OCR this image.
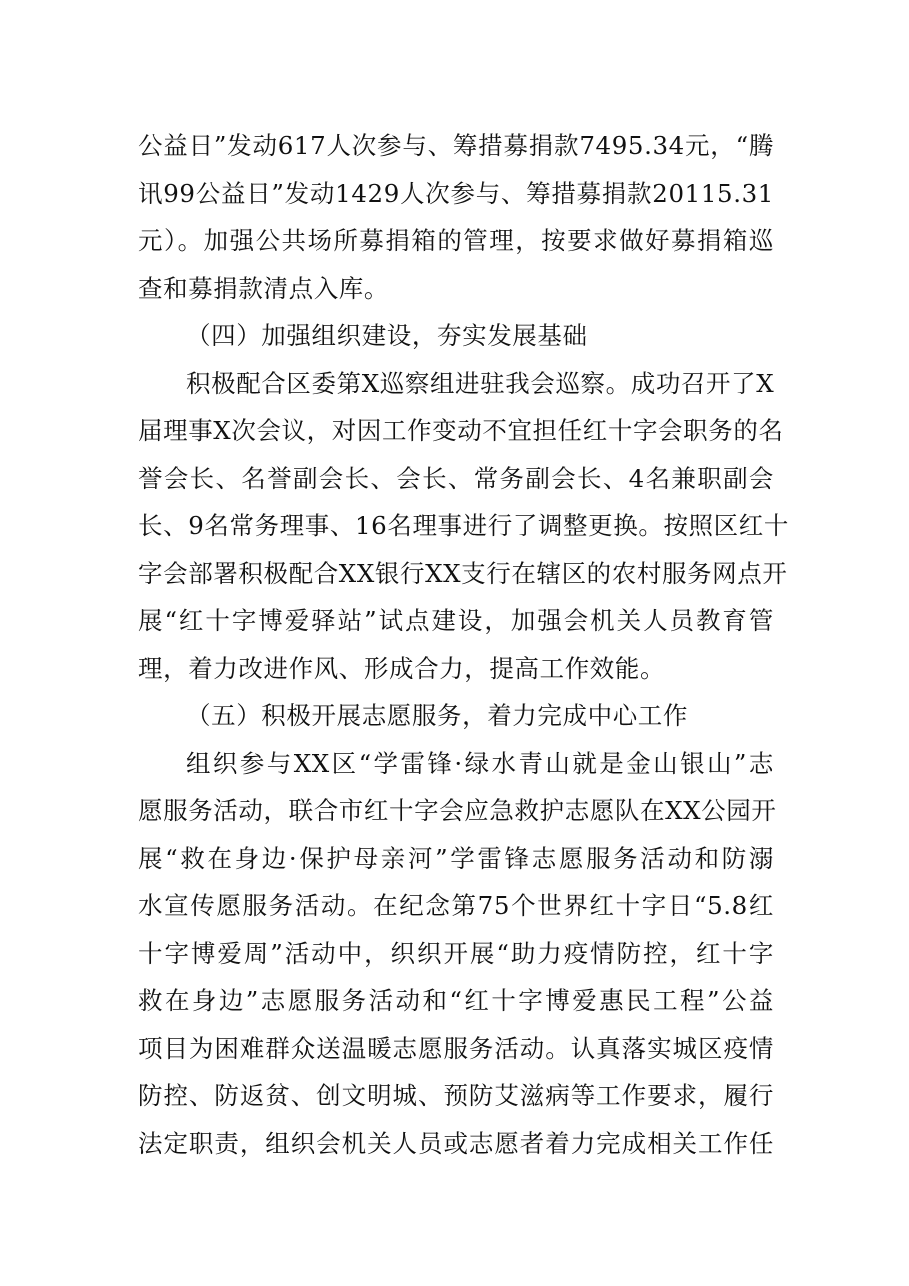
公益日”发动617人次参与、筹措募捐款7495.34元，“腾
讯99公益日”发动1429人次参与、筹措募捐款20115.31
元）。加强公共场所募捐箱的管理，按要求做好募捐箱巡
查和募捐款清点入库。
（四）加强组织建设，夯实发展基础
积极配合区委第X巡察组进驻我会巡察。成功召开了X
届理事X次会议，对因工作变动不宜担任红十字会职务的名
誉会长、名誉副会长、会长、常务副会长、4名兼职副会
长、9名常务理事、16名理事进行了调整更换。按照区红十
字会部署积极配合XX银行XX支行在辖区的农村服务网点开
展“红十字博爱驿站”试点建设，加强会机关人员教育管
理，着力改进作风、形成合力，提高工作效能。
（五）积极开展志愿服务，着力完成中心工作
组织参与XX区“学雷锋·绿水青山就是金山银山”志
愿服务活动，联合市红十字会应急救护志愿队在XX公园开
展“救在身边·保护母亲河”学雷锋志愿服务活动和防溺
水宣传愿服务活动。在纪念第75个世界红十字日“5.8红
十字博爱周”活动中，织织开展“助力疫情防控，红十字
救在身边”志愿服务活动和“红十字博爱惠民工程”公益
项目为困难群众送温暖志愿服务活动。认真落实城区疫情
防控、防返贫、创文明城、预防艾滋病等工作要求，履行
法定职责，组织会机关人员或志愿者着力完成相关工作任
